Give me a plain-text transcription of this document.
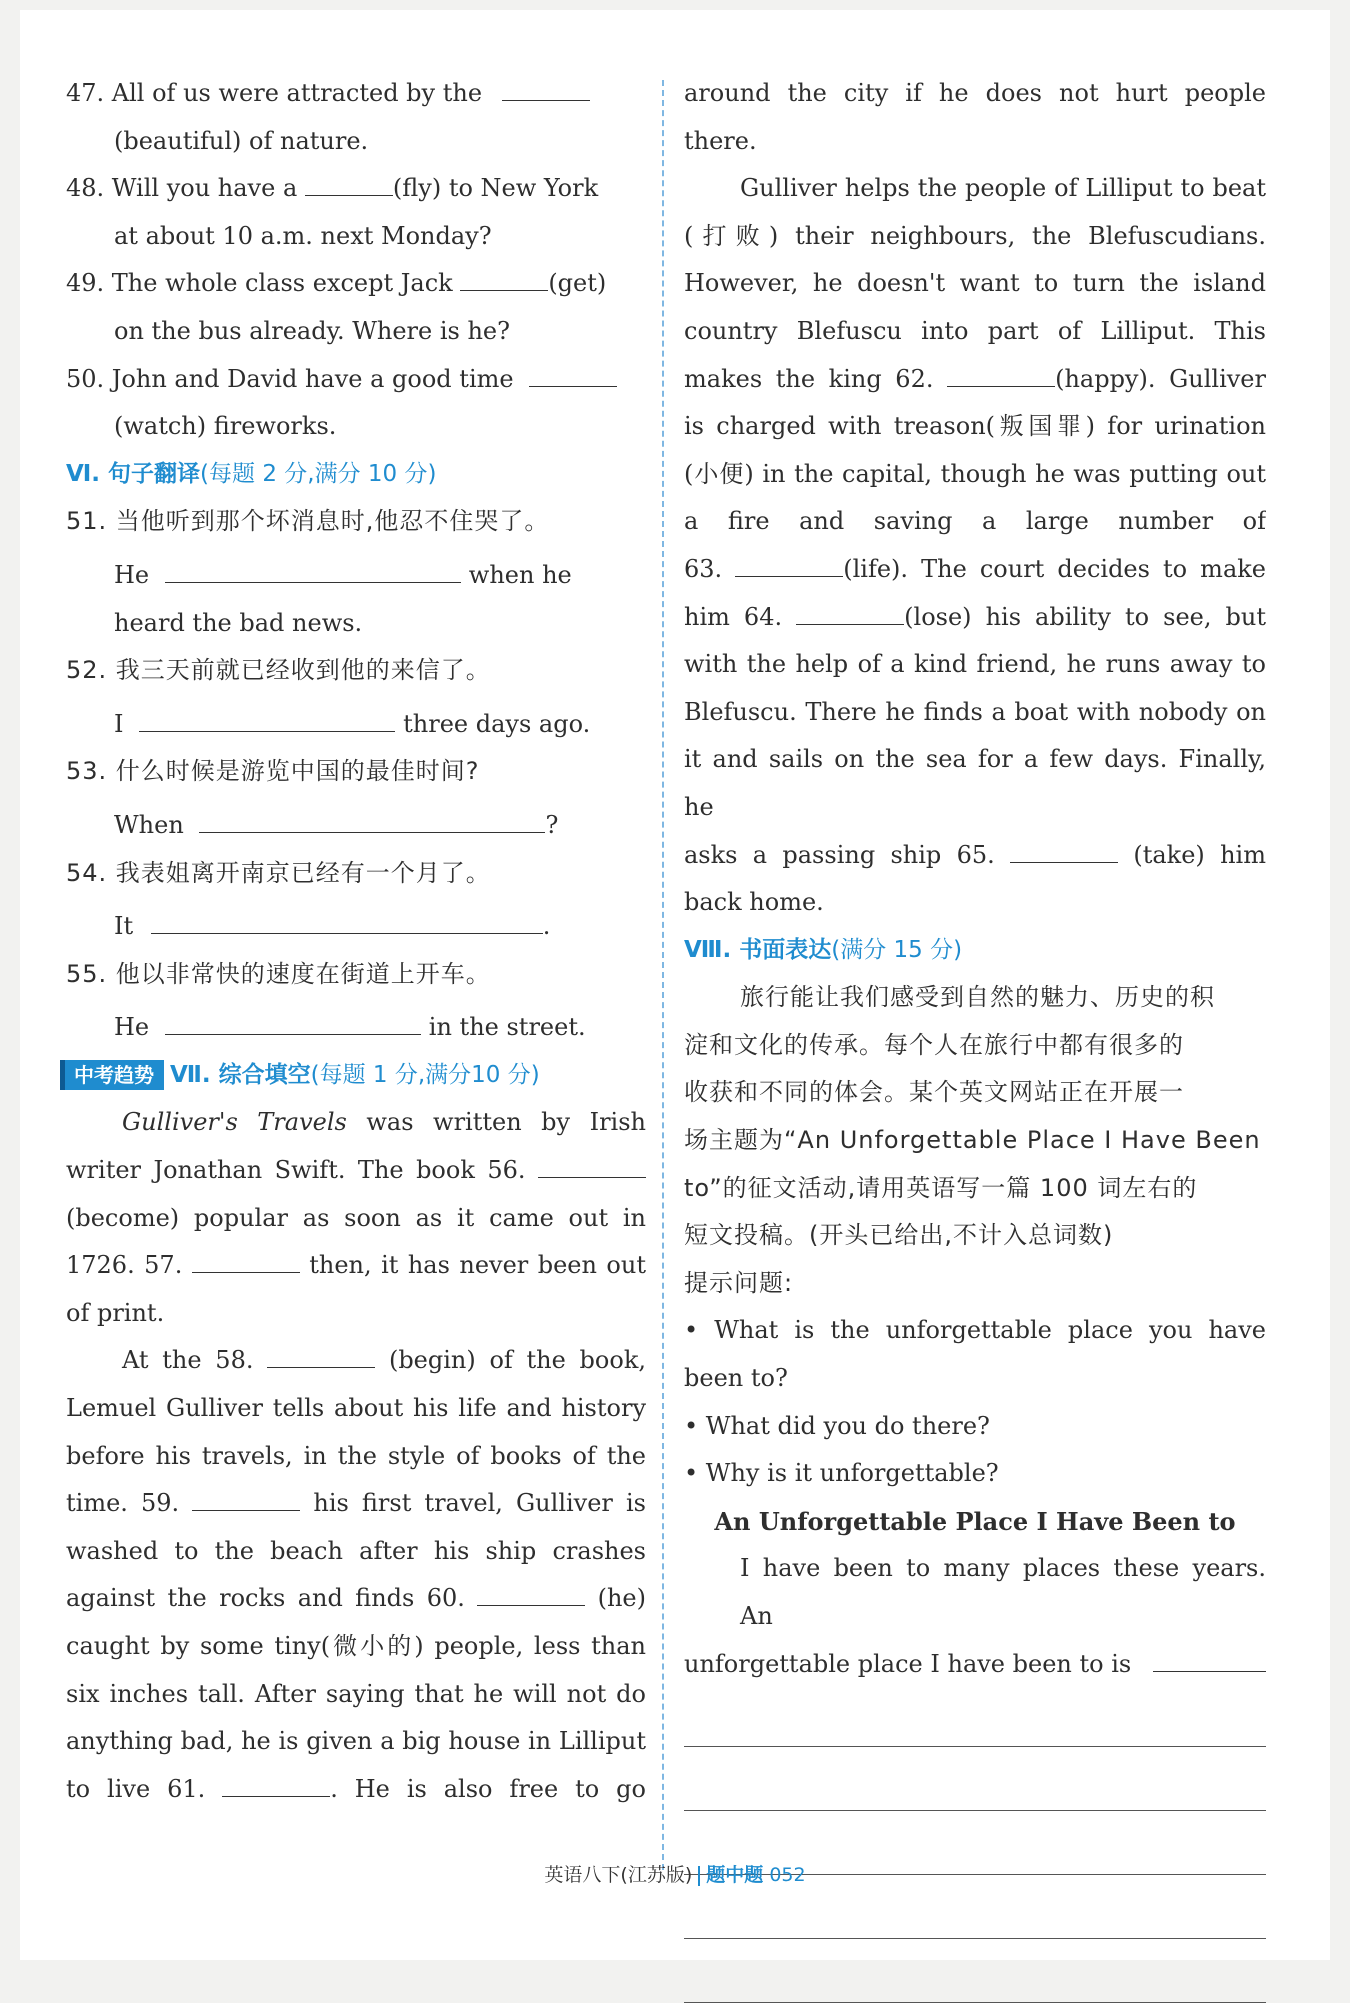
47. All of us were attracted by the
(beautiful) of nature.
48. Will you have a	(fly) to New York
at about 10 a.m. next Monday?
49. The whole class except Jack	(get)
on the bus already. Where is he?
50. John and David have a good time
(watch) fireworks.
Ⅵ. 句子翻译(每题 2 分,满分 10 分)
51. 当他听到那个坏消息时,他忍不住哭了。
He	when he
heard the bad news.
52. 我三天前就已经收到他的来信了。
I	three days ago.
53. 什么时候是游览中国的最佳时间?
When	?
54. 我表姐离开南京已经有一个月了。
It	.
55. 他以非常快的速度在街道上开车。
He	in the street.
中考趋势 Ⅶ. 综合填空(每题 1 分,满分10 分)
Gulliver's Travels was written by Irish
writer Jonathan Swift. The book 56.
(become) popular as soon as it came out in
1726. 57.	then, it has never been out
of print.
At the 58.	(begin) of the book,
Lemuel Gulliver tells about his life and history
before his travels, in the style of books of the
time. 59.	his first travel, Gulliver is
washed to the beach after his ship crashes
against the rocks and finds 60.	(he)
caught by some tiny(微小的) people, less than
six inches tall. After saying that he will not do
anything bad, he is given a big house in Lilliput
to live 61.	. He is also free to go
around the city if he does not hurt people there.
Gulliver helps the people of Lilliput to beat
(打败) their neighbours, the Blefuscudians.
However, he doesn't want to turn the island
country Blefuscu into part of Lilliput. This
makes the king 62.	(happy). Gulliver
is charged with treason(叛国罪) for urination
(小便) in the capital, though he was putting out
a fire and saving a large number of
63.	(life). The court decides to make
him 64.	(lose) his ability to see, but
with the help of a kind friend, he runs away to
Blefuscu. There he finds a boat with nobody on
it and sails on the sea for a few days. Finally, he
asks a passing ship 65.	(take) him
back home.
Ⅷ. 书面表达(满分 15 分)
旅行能让我们感受到自然的魅力、历史的积
淀和文化的传承。每个人在旅行中都有很多的
收获和不同的体会。某个英文网站正在开展一
场主题为“An Unforgettable Place I Have Been
to”的征文活动,请用英语写一篇 100 词左右的
短文投稿。(开头已给出,不计入总词数)
提示问题:
• What is the unforgettable place you have
been to?
• What did you do there?
• Why is it unforgettable?
An Unforgettable Place I Have Been to
I have been to many places these years. An
unforgettable place I have been to is
英语八下(江苏版) 题中题 052
